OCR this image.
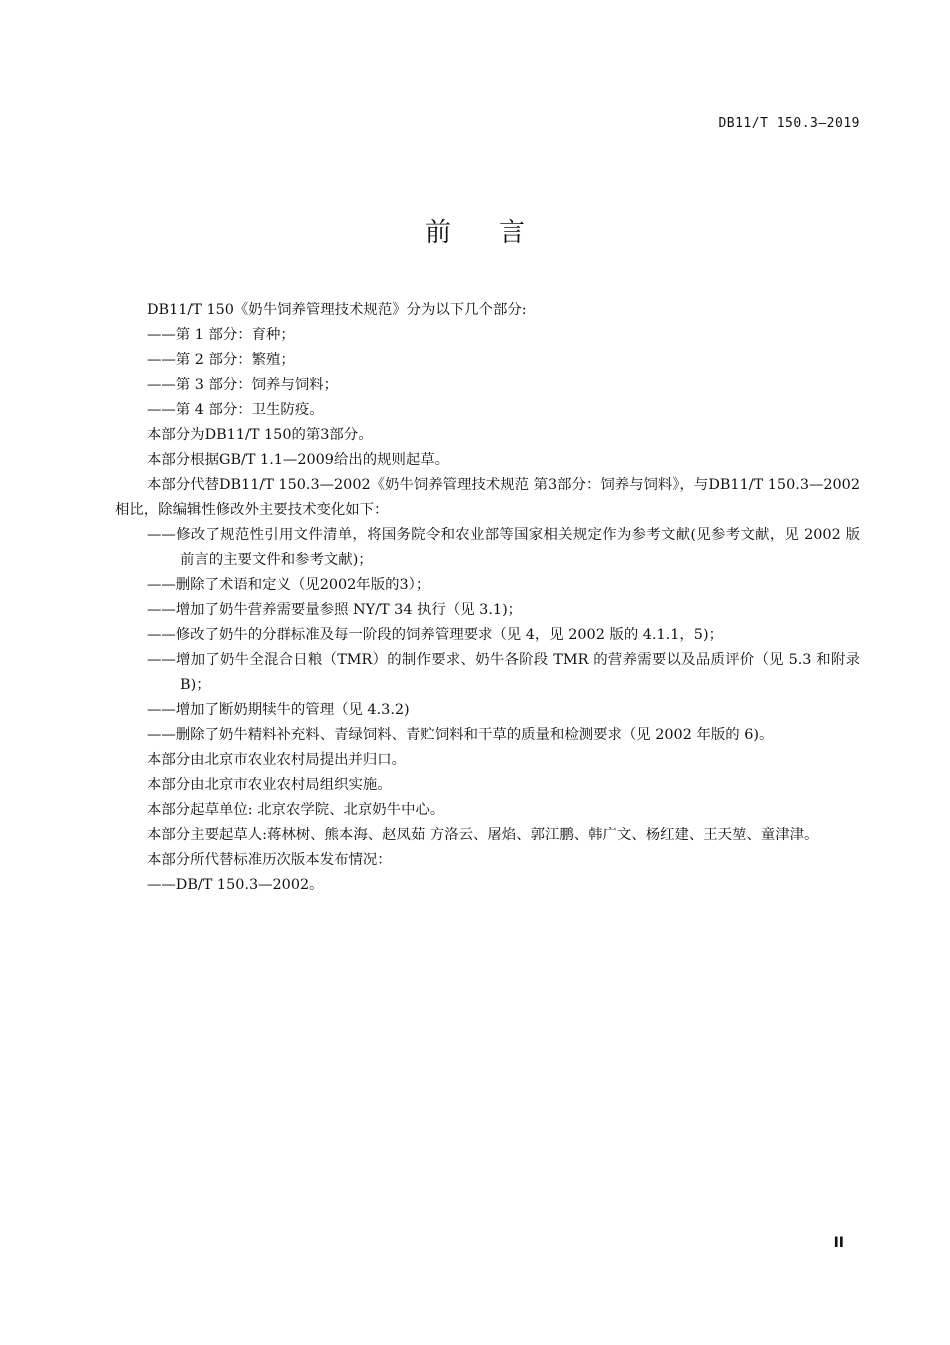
DB11/T 150.3—2019
前言

DB11/T 150《奶牛饲养管理技术规范》分为以下几个部分:

——第 1 部分：育种；

——第 2 部分：繁殖；

——第 3 部分：饲养与饲料；

——第 4 部分：卫生防疫。

本部分为DB11/T 150的第3部分。

本部分根据GB/T 1.1—2009给出的规则起草。

本部分代替DB11/T 150.3—2002《奶牛饲养管理技术规范 第3部分：饲养与饲料》，与DB11/T 150.3—2002相比，除编辑性修改外主要技术变化如下：

——修改了规范性引用文件清单，将国务院令和农业部等国家相关规定作为参考文献(见参考文献，见 2002 版前言的主要文件和参考文献)；

——删除了术语和定义（见2002年版的3）；

——增加了奶牛营养需要量参照 NY/T 34 执行（见 3.1)；

——修改了奶牛的分群标准及每一阶段的饲养管理要求（见 4，见 2002 版的 4.1.1，5)；

——增加了奶牛全混合日粮（TMR）的制作要求、奶牛各阶段 TMR 的营养需要以及品质评价（见 5.3 和附录 B)；

——增加了断奶期犊牛的管理（见 4.3.2)

——删除了奶牛精料补充料、青绿饲料、青贮饲料和干草的质量和检测要求（见 2002 年版的 6)。

本部分由北京市农业农村局提出并归口。

本部分由北京市农业农村局组织实施。

本部分起草单位: 北京农学院、北京奶牛中心。

本部分主要起草人:蒋林树、熊本海、赵凤茹 方洛云、屠焰、郭江鹏、韩广文、杨红建、王天堃、童津津。

本部分所代替标准历次版本发布情况：

——DB/T 150.3—2002。

II
